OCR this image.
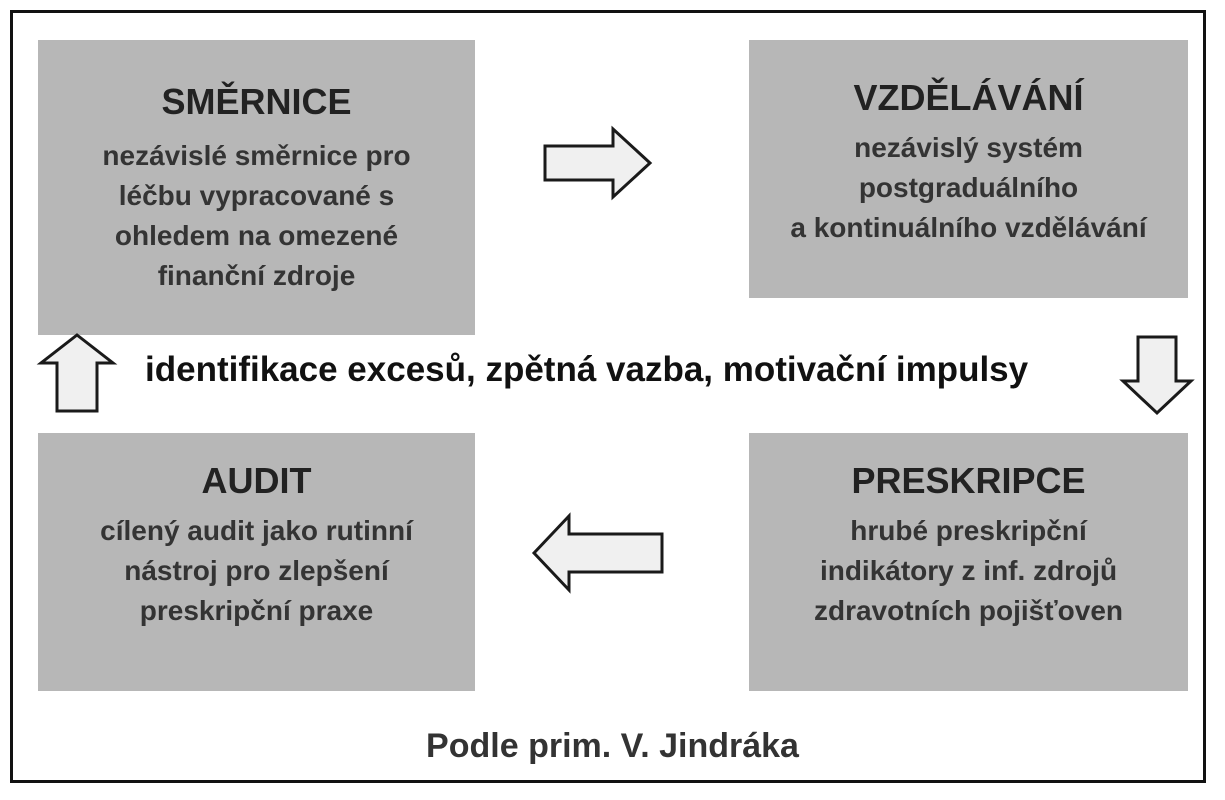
SMĚRNICE
nezávislé směrnice pro
léčbu vypracované s
ohledem na omezené
finanční zdroje
VZDĚLÁVÁNÍ
nezávislý systém
postgraduálního
a kontinuálního vzdělávání
AUDIT
cílený audit jako rutinní
nástroj pro zlepšení
preskripční praxe
PRESKRIPCE
hrubé preskripční
indikátory z inf. zdrojů
zdravotních pojišťoven
identifikace excesů, zpětná vazba, motivační impulsy
Podle prim. V. Jindráka
